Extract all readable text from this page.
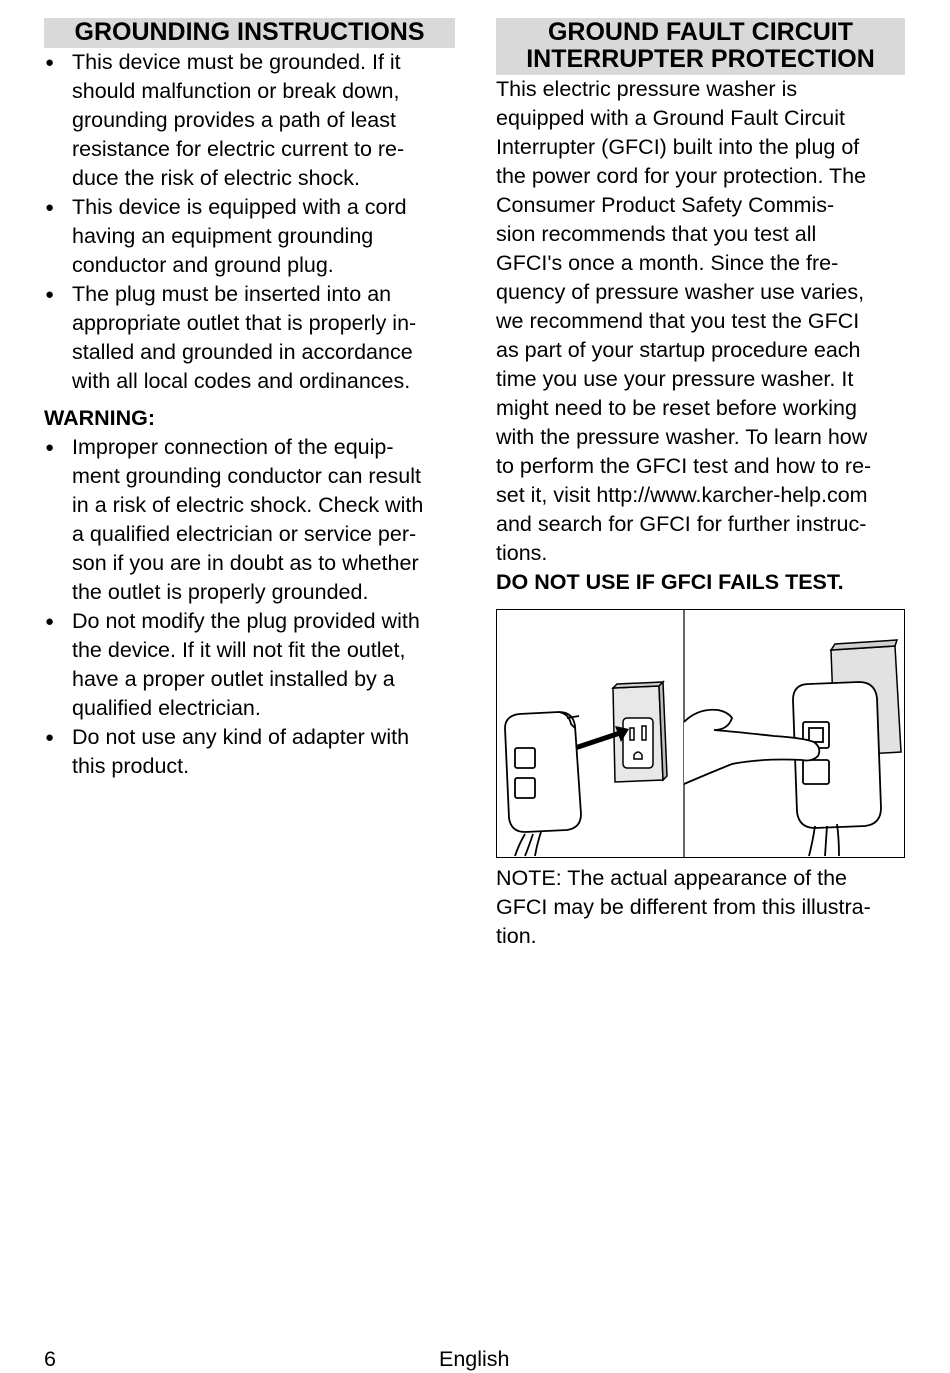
GROUNDING INSTRUCTIONS
● This device must be grounded. If it
should malfunction or break down,
grounding provides a path of least
resistance for electric current to re-
duce the risk of electric shock.
● This device is equipped with a cord
having an equipment grounding
conductor and ground plug.
● The plug must be inserted into an
appropriate outlet that is properly in-
stalled and grounded in accordance
with all local codes and ordinances.
WARNING:
● Improper connection of the equip-
ment grounding conductor can result
in a risk of electric shock. Check with
a qualified electrician or service per-
son if you are in doubt as to whether
the outlet is properly grounded.
● Do not modify the plug provided with
the device. If it will not fit the outlet,
have a proper outlet installed by a
qualified electrician.
● Do not use any kind of adapter with
this product.
GROUND FAULT CIRCUIT
INTERRUPTER PROTECTION
This electric pressure washer is
equipped with a Ground Fault Circuit
Interrupter (GFCI) built into the plug of
the power cord for your protection. The
Consumer Product Safety Commis-
sion recommends that you test all
GFCI's once a month. Since the fre-
quency of pressure washer use varies,
we recommend that you test the GFCI
as part of your startup procedure each
time you use your pressure washer. It
might need to be reset before working
with the pressure washer. To learn how
to perform the GFCI test and how to re-
set it, visit http://www.karcher-help.com
and search for GFCI for further instruc-
tions.
DO NOT USE IF GFCI FAILS TEST.
NOTE: The actual appearance of the
GFCI may be different from this illustra-
tion.
6	English
